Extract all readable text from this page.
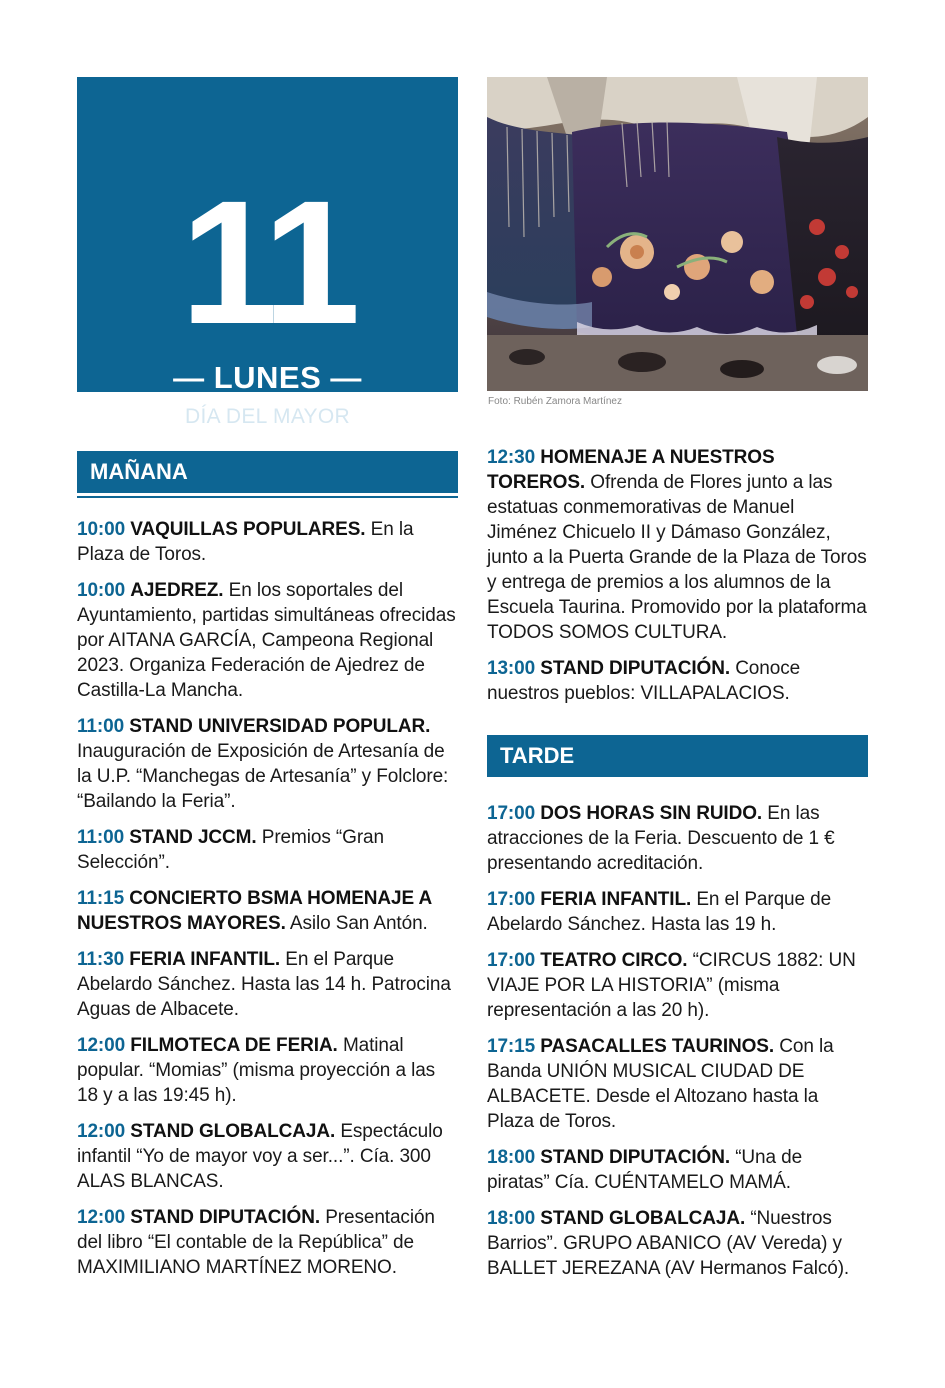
11
— LUNES —
DÍA DEL MAYOR
Foto: Rubén Zamora Martínez
MAÑANA
10:00 VAQUILLAS POPULARES. En la Plaza de Toros.
10:00 AJEDREZ. En los soportales del Ayuntamiento, partidas simultáneas ofrecidas por AITANA GARCÍA, Campeona Regional 2023. Organiza Federación de Ajedrez de Castilla-La Mancha.
11:00 STAND UNIVERSIDAD POPULAR. Inauguración de Exposición de Artesanía de la U.P. “Manchegas de Artesanía” y Folclore: “Bailando la Feria”.
11:00 STAND JCCM. Premios “Gran Selección”.
11:15 CONCIERTO BSMA HOMENAJE A NUESTROS MAYORES. Asilo San Antón.
11:30 FERIA INFANTIL. En el Parque Abelardo Sánchez. Hasta las 14 h. Patrocina Aguas de Albacete.
12:00 FILMOTECA DE FERIA. Matinal popular. “Momias” (misma proyección a las 18 y a las 19:45 h).
12:00 STAND GLOBALCAJA. Espectáculo infantil “Yo de mayor voy a ser...”. Cía. 300 ALAS BLANCAS.
12:00 STAND DIPUTACIÓN. Presentación del libro “El contable de la República” de MAXIMILIANO MARTÍNEZ MORENO.
12:30 HOMENAJE A NUESTROS TOREROS. Ofrenda de Flores junto a las estatuas conmemorativas de Manuel Jiménez Chicuelo II y Dámaso González, junto a la Puerta Grande de la Plaza de Toros y entrega de premios a los alumnos de la Escuela Taurina. Promovido por la plataforma TODOS SOMOS CULTURA.
13:00 STAND DIPUTACIÓN. Conoce nuestros pueblos: VILLAPALACIOS.
TARDE
17:00 DOS HORAS SIN RUIDO. En las atracciones de la Feria. Descuento de 1 € presentando acreditación.
17:00 FERIA INFANTIL. En el Parque de Abelardo Sánchez. Hasta las 19 h.
17:00 TEATRO CIRCO. “CIRCUS 1882: UN VIAJE POR LA HISTORIA” (misma representación a las 20 h).
17:15 PASACALLES TAURINOS. Con la Banda UNIÓN MUSICAL CIUDAD DE ALBACETE. Desde el Altozano hasta la Plaza de Toros.
18:00 STAND DIPUTACIÓN. “Una de piratas” Cía. CUÉNTAMELO MAMÁ.
18:00 STAND GLOBALCAJA. “Nuestros Barrios”. GRUPO ABANICO (AV Vereda) y BALLET JEREZANA (AV Hermanos Falcó).
